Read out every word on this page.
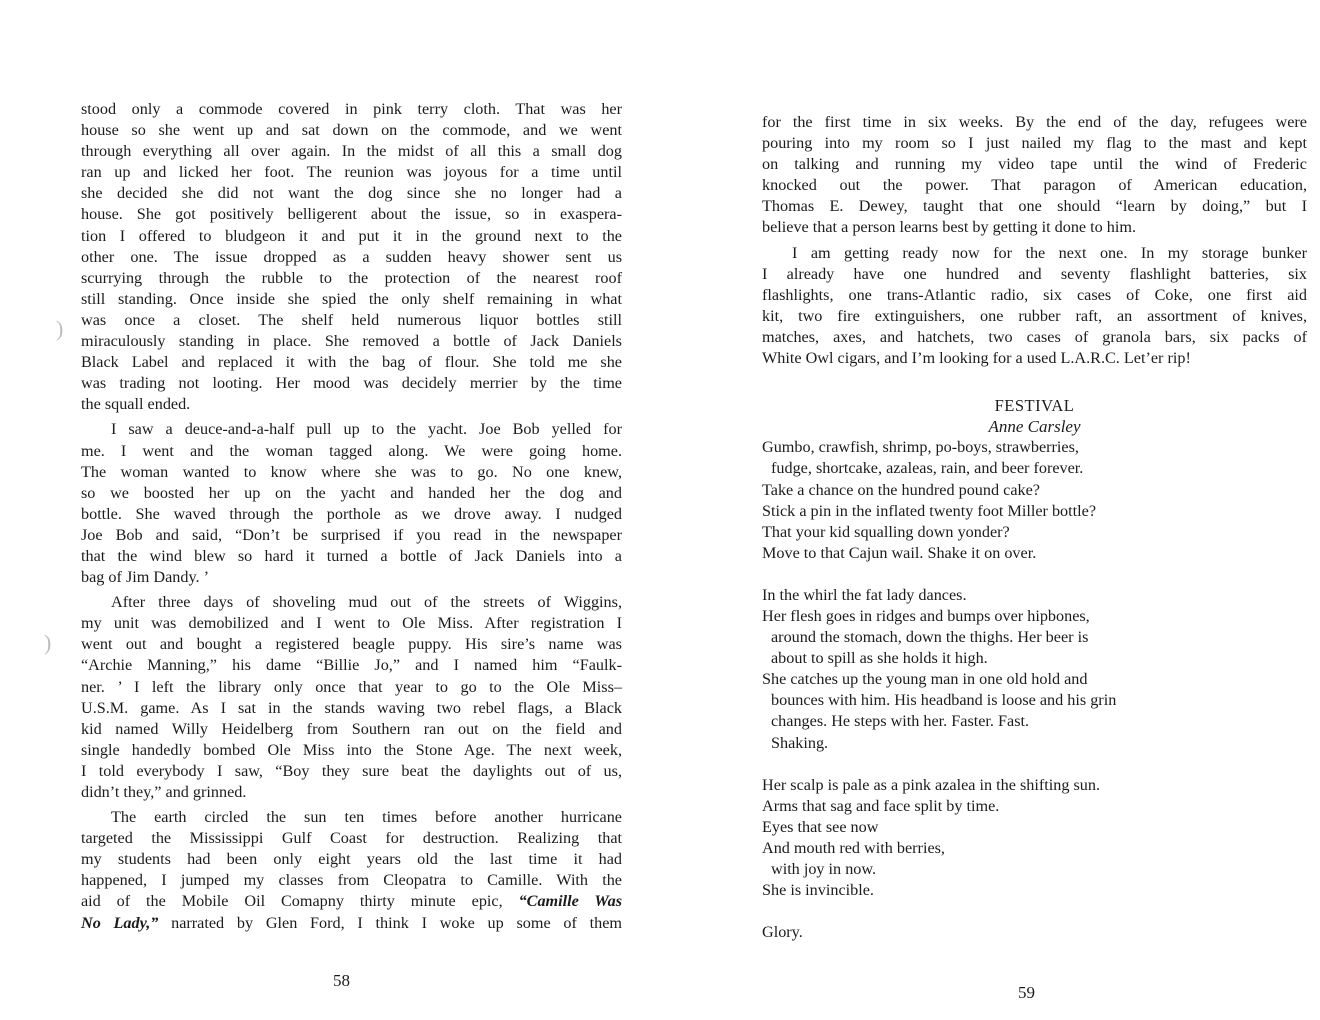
)
)
stood only a commode covered in pink terry cloth. That was her
house so she went up and sat down on the commode, and we went
through everything all over again. In the midst of all this a small dog
ran up and licked her foot. The reunion was joyous for a time until
she decided she did not want the dog since she no longer had a
house. She got positively belligerent about the issue, so in exaspera-
tion I offered to bludgeon it and put it in the ground next to the
other one. The issue dropped as a sudden heavy shower sent us
scurrying through the rubble to the protection of the nearest roof
still standing. Once inside she spied the only shelf remaining in what
was once a closet. The shelf held numerous liquor bottles still
miraculously standing in place. She removed a bottle of Jack Daniels
Black Label and replaced it with the bag of flour. She told me she
was trading not looting. Her mood was decidely merrier by the time
the squall ended.
I saw a deuce-and-a-half pull up to the yacht. Joe Bob yelled for
me. I went and the woman tagged along. We were going home.
The woman wanted to know where she was to go. No one knew,
so we boosted her up on the yacht and handed her the dog and
bottle. She waved through the porthole as we drove away. I nudged
Joe Bob and said, “Don’t be surprised if you read in the newspaper
that the wind blew so hard it turned a bottle of Jack Daniels into a
bag of Jim Dandy. ’
After three days of shoveling mud out of the streets of Wiggins,
my unit was demobilized and I went to Ole Miss. After registration I
went out and bought a registered beagle puppy. His sire’s name was
“Archie Manning,” his dame “Billie Jo,” and I named him “Faulk-
ner. ’ I left the library only once that year to go to the Ole Miss–
U.S.M. game. As I sat in the stands waving two rebel flags, a Black
kid named Willy Heidelberg from Southern ran out on the field and
single handedly bombed Ole Miss into the Stone Age. The next week,
I told everybody I saw, “Boy they sure beat the daylights out of us,
didn’t they,” and grinned.
The earth circled the sun ten times before another hurricane
targeted the Mississippi Gulf Coast for destruction. Realizing that
my students had been only eight years old the last time it had
happened, I jumped my classes from Cleopatra to Camille. With the
aid of the Mobile Oil Comapny thirty minute epic, “Camille Was
No Lady,” narrated by Glen Ford, I think I woke up some of them
58
for the first time in six weeks. By the end of the day, refugees were
pouring into my room so I just nailed my flag to the mast and kept
on talking and running my video tape until the wind of Frederic
knocked out the power. That paragon of American education,
Thomas E. Dewey, taught that one should “learn by doing,” but I
believe that a person learns best by getting it done to him.
I am getting ready now for the next one. In my storage bunker
I already have one hundred and seventy flashlight batteries, six
flashlights, one trans-Atlantic radio, six cases of Coke, one first aid
kit, two fire extinguishers, one rubber raft, an assortment of knives,
matches, axes, and hatchets, two cases of granola bars, six packs of
White Owl cigars, and I’m looking for a used L.A.R.C. Let’er rip!
FESTIVAL
Anne Carsley
Gumbo, crawfish, shrimp, po-boys, strawberries,
fudge, shortcake, azaleas, rain, and beer forever.
Take a chance on the hundred pound cake?
Stick a pin in the inflated twenty foot Miller bottle?
That your kid squalling down yonder?
Move to that Cajun wail. Shake it on over.
In the whirl the fat lady dances.
Her flesh goes in ridges and bumps over hipbones,
around the stomach, down the thighs. Her beer is
about to spill as she holds it high.
She catches up the young man in one old hold and
bounces with him. His headband is loose and his grin
changes. He steps with her. Faster. Fast.
Shaking.
Her scalp is pale as a pink azalea in the shifting sun.
Arms that sag and face split by time.
Eyes that see now
And mouth red with berries,
with joy in now.
She is invincible.
Glory.
59
